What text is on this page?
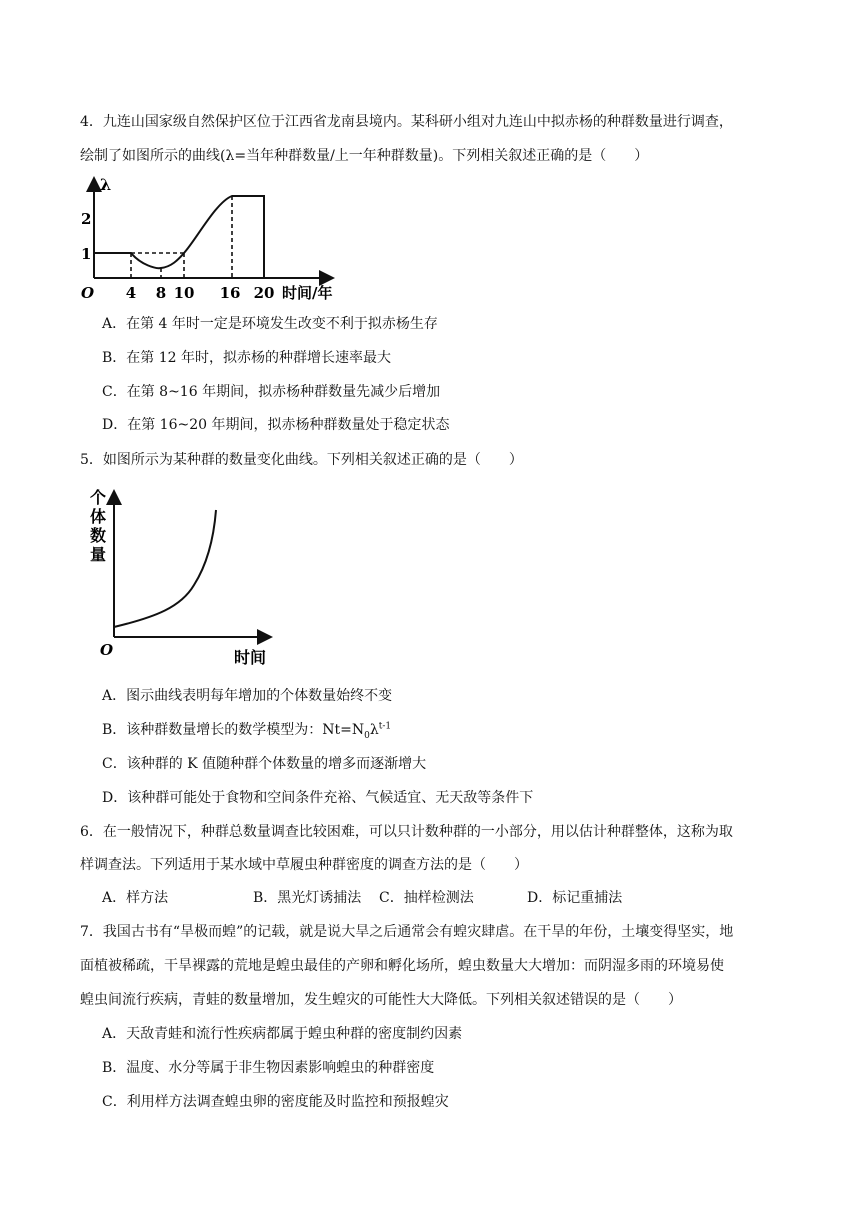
4．九连山国家级自然保护区位于江西省龙南县境内。某科研小组对九连山中拟赤杨的种群数量进行调查，
绘制了如图所示的曲线(λ=当年种群数量/上一年种群数量)。下列相关叙述正确的是（　　）
λ
2
1
O 4 8 10 16 20 时间/年
A．在第 4 年时一定是环境发生改变不利于拟赤杨生存
B．在第 12 年时，拟赤杨的种群增长速率最大
C．在第 8~16 年期间，拟赤杨种群数量先减少后增加
D．在第 16~20 年期间，拟赤杨种群数量处于稳定状态
5．如图所示为某种群的数量变化曲线。下列相关叙述正确的是（　　）
个
体
数
量
O	时间
A．图示曲线表明每年增加的个体数量始终不变
B．该种群数量增长的数学模型为：$Nt=N_0\lambda^{t-1}$
C．该种群的 K 值随种群个体数量的增多而逐渐增大
D．该种群可能处于食物和空间条件充裕、气候适宜、无天敌等条件下
6．在一般情况下，种群总数量调查比较困难，可以只计数种群的一小部分，用以估计种群整体，这称为取
样调查法。下列适用于某水域中草履虫种群密度的调查方法的是（　　）
A．样方法	B．黑光灯诱捕法 C．抽样检测法	D．标记重捕法
7．我国古书有“旱极而蝗”的记载，就是说大旱之后通常会有蝗灾肆虐。在干旱的年份，土壤变得坚实，地
面植被稀疏，干旱裸露的荒地是蝗虫最佳的产卵和孵化场所，蝗虫数量大大增加：而阴湿多雨的环境易使
蝗虫间流行疾病，青蛙的数量增加，发生蝗灾的可能性大大降低。下列相关叙述错误的是（　　）
A．天敌青蛙和流行性疾病都属于蝗虫种群的密度制约因素
B．温度、水分等属于非生物因素影响蝗虫的种群密度
C．利用样方法调查蝗虫卵的密度能及时监控和预报蝗灾
